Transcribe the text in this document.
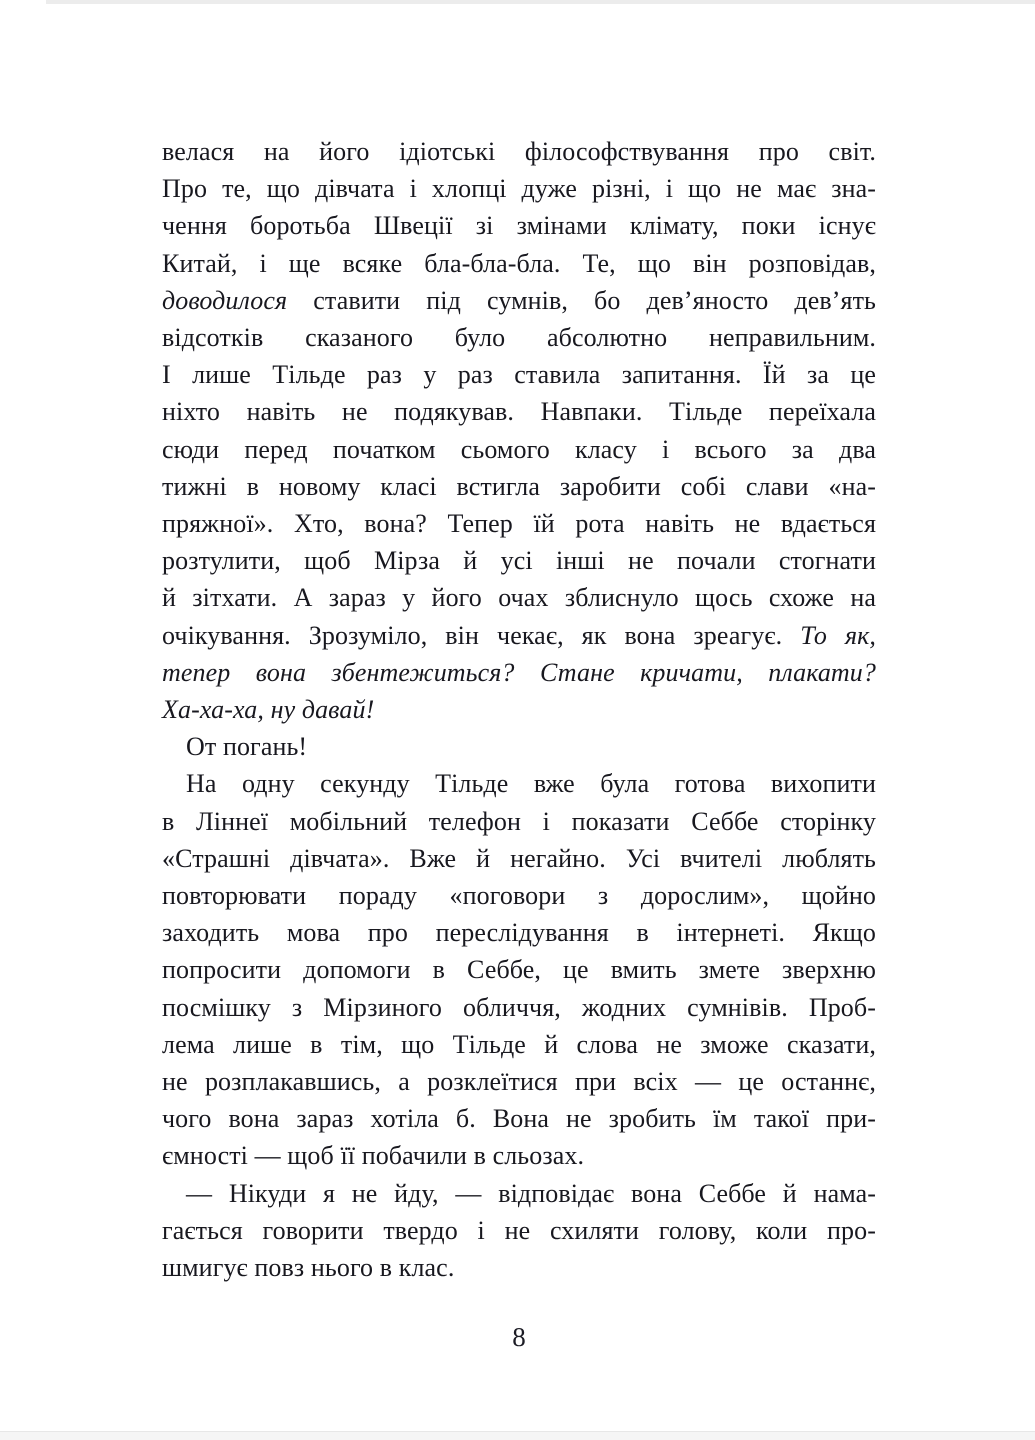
велася на його ідіотські філософствування про світ.
Про те, що дівчата і хлопці дуже різні, і що не має зна-
чення боротьба Швеції зі змінами клімату, поки існує
Китай, і ще всяке бла-бла-бла. Те, що він розповідав,
доводилося ставити під сумнів, бо дев’яносто дев’ять
відсотків сказаного було абсолютно неправильним.
І лише Тільде раз у раз ставила запитання. Їй за це
ніхто навіть не подякував. Навпаки. Тільде переїхала
сюди перед початком сьомого класу і всього за два
тижні в новому класі встигла заробити собі слави «на-
пряжної». Хто, вона? Тепер їй рота навіть не вдається
розтулити, щоб Мірза й усі інші не почали стогнати
й зітхати. А зараз у його очах зблиснуло щось схоже на
очікування. Зрозуміло, він чекає, як вона зреагує. То як,
тепер вона збентежиться? Стане кричати, плакати?
Ха-ха-ха, ну давай!
От погань!
На одну секунду Тільде вже була готова вихопити
в Ліннеї мобільний телефон і показати Себбе сторінку
«Страшні дівчата». Вже й негайно. Усі вчителі люблять
повторювати пораду «поговори з дорослим», щойно
заходить мова про переслідування в інтернеті. Якщо
попросити допомоги в Себбе, це вмить змете зверхню
посмішку з Мірзиного обличчя, жодних сумнівів. Проб-
лема лише в тім, що Тільде й слова не зможе сказати,
не розплакавшись, а розклеїтися при всіх — це останнє,
чого вона зараз хотіла б. Вона не зробить їм такої при-
ємності — щоб її побачили в сльозах.
— Нікуди я не йду, — відповідає вона Себбе й нама-
гається говорити твердо і не схиляти голову, коли про-
шмигує повз нього в клас.
8
